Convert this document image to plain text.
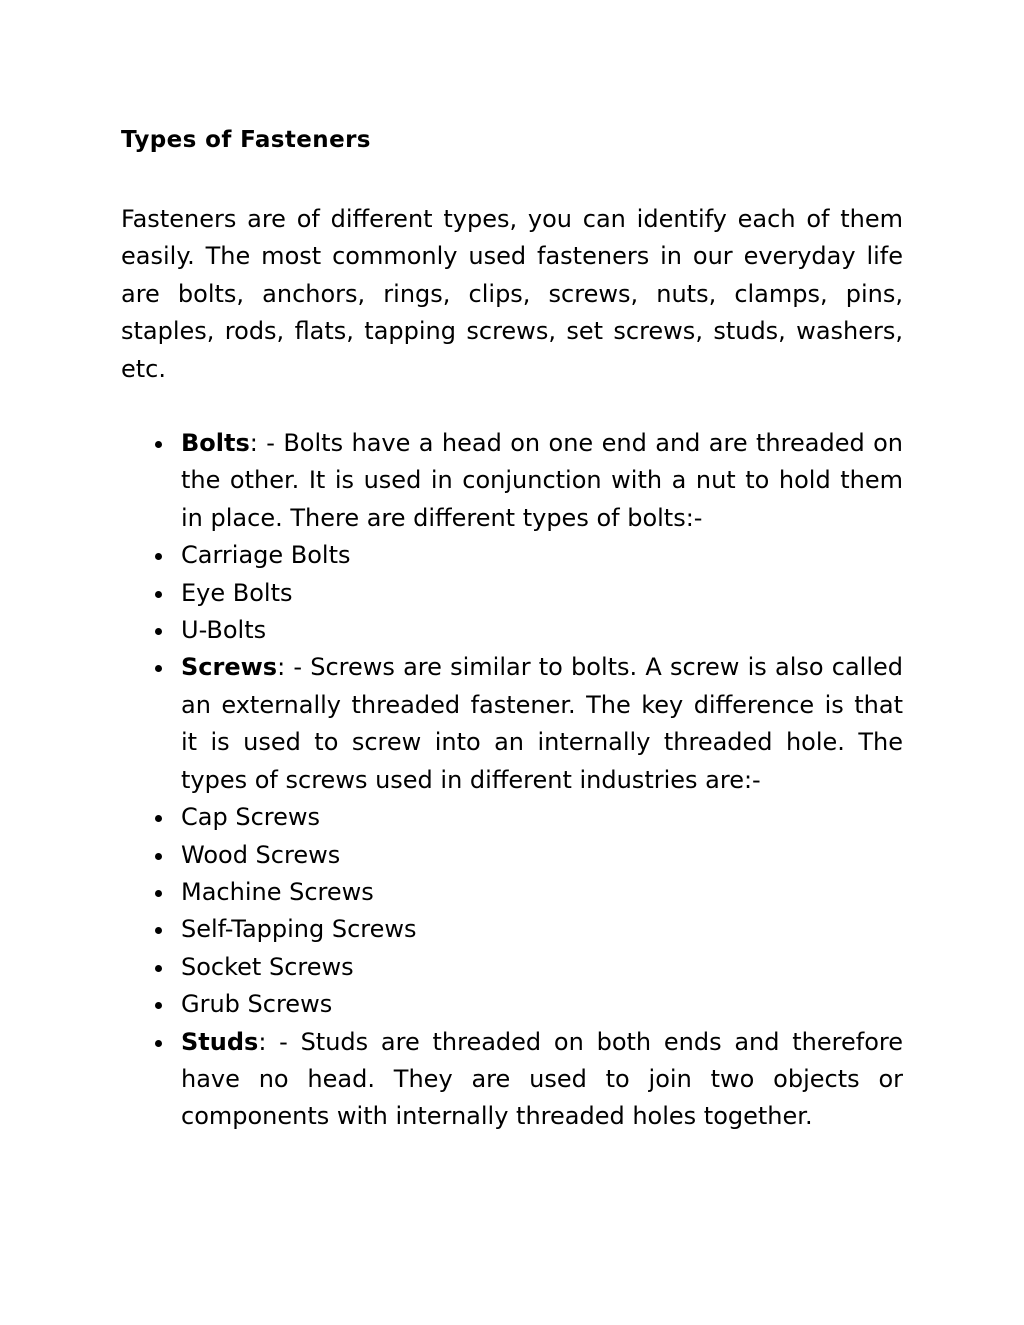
Types of Fasteners

Fasteners are of different types, you can identify each of them easily. The most commonly used fasteners in our everyday life are bolts, anchors, rings, clips, screws, nuts, clamps, pins, staples, rods, flats, tapping screws, set screws, studs, washers, etc.

Bolts: - Bolts have a head on one end and are threaded on the other. It is used in conjunction with a nut to hold them in place. There are different types of bolts:-
Carriage Bolts
Eye Bolts
U-Bolts
Screws: - Screws are similar to bolts. A screw is also called an externally threaded fastener. The key difference is that it is used to screw into an internally threaded hole. The types of screws used in different industries are:-
Cap Screws
Wood Screws
Machine Screws
Self-Tapping Screws
Socket Screws
Grub Screws
Studs: - Studs are threaded on both ends and therefore have no head. They are used to join two objects or components with internally threaded holes together.
